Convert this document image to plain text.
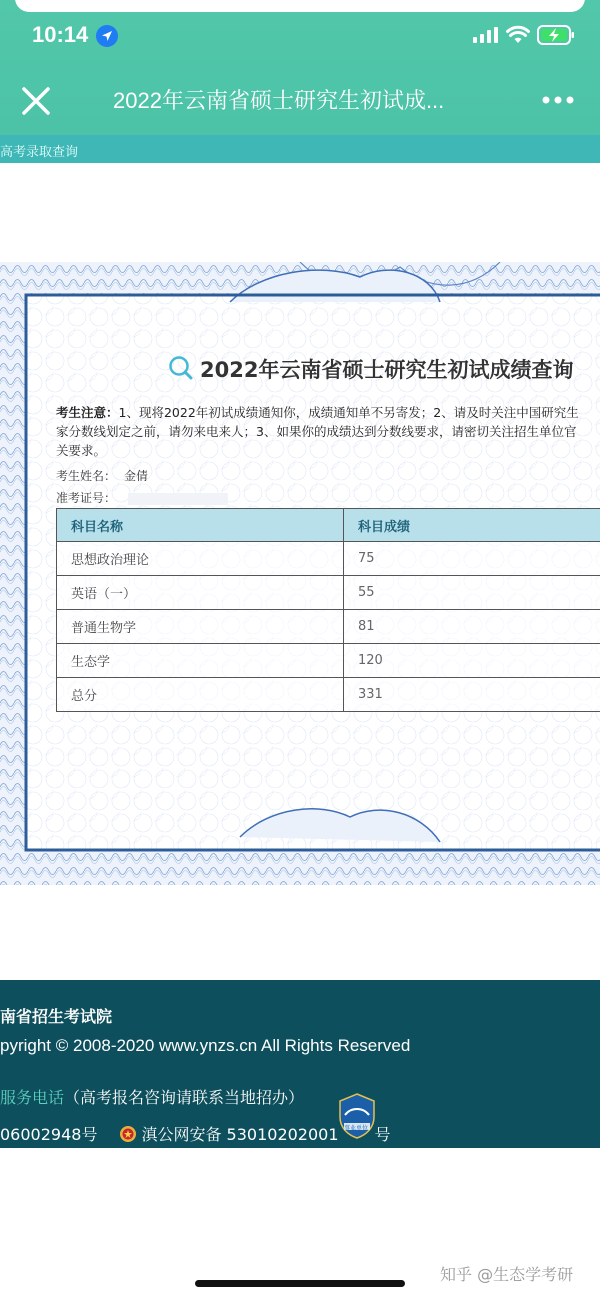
10:14
2022年云南省硕士研究生初试成...
高考录取查询
2022年云南省硕士研究生初试成绩查询
考生注意：1、现将2022年初试成绩通知你，成绩通知单不另寄发；2、请及时关注中国研究生
家分数线划定之前，请勿来电来人；3、如果你的成绩达到分数线要求，请密切关注招生单位官
关要求。
考生姓名： 金倩
准考证号：
科目名称	科目成绩
思想政治理论	75
英语（一）	55
普通生物学	81
生态学	120
总分	331
南省招生考试院
pyright © 2008-2020 www.ynzs.cn All Rights Reserved
服务电话（高考报名咨询请联系当地招办）
06002948号	滇公网安备 53010202001 号
事业单位
知乎 @生态学考研
